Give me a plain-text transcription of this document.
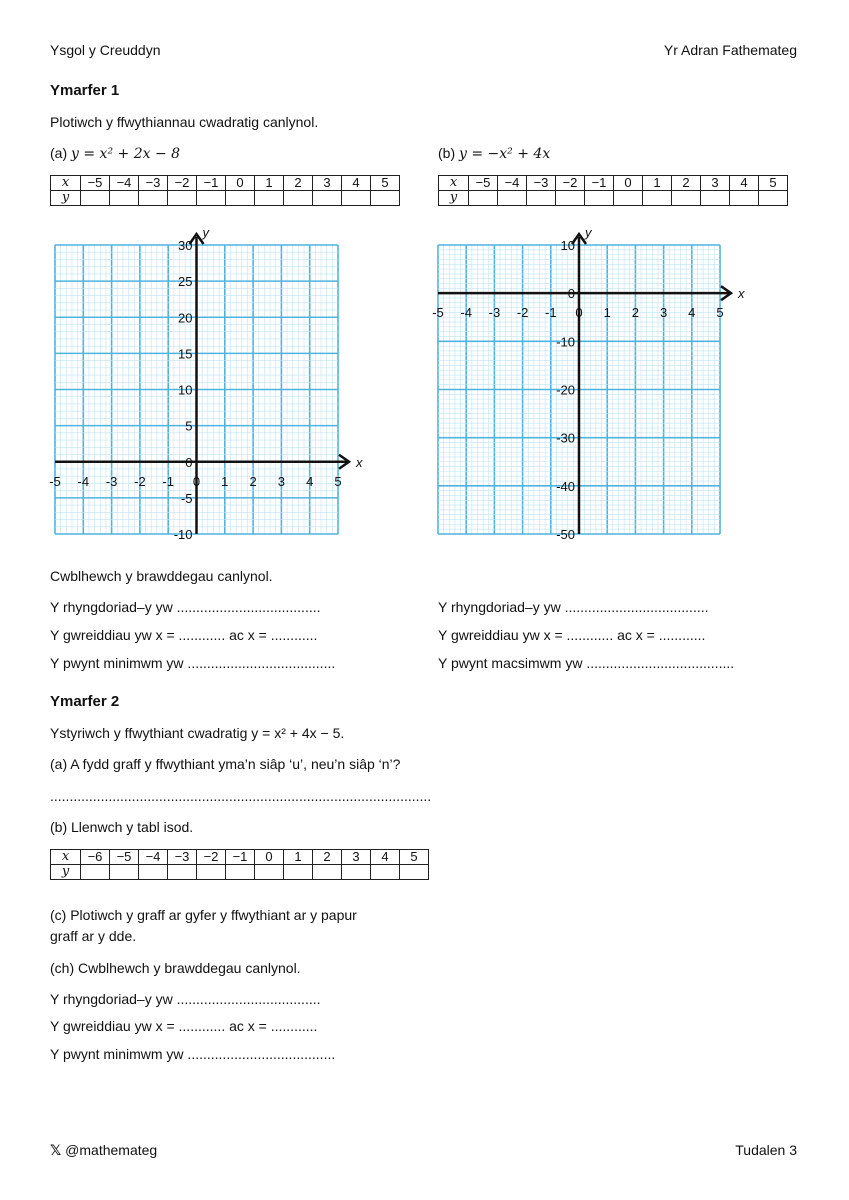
Ysgol y Creuddyn	Yr Adran Fathemateg
Ymarfer 1
Plotiwch y ffwythiannau cwadratig canlynol.
(a) y = x² + 2x − 8	(b) y = −x² + 4x
x	−5	−4	−3	−2	−1	0	1	2	3	4	5
y											
x	−5	−4	−3	−2	−1	0	1	2	3	4	5
y											
x
y
-5 -4 -3 -2 -1 0 1 2 3 4 5
30
25
20
15
10
5
0
-5
-10
x
y
-5 -4 -3 -2 -1 0 1 2 3 4 5
10
0
-10
-20
-30
-40
-50
Cwblhewch y brawddegau canlynol.
Y rhyngdoriad–y yw .....................................
Y gwreiddiau yw x = ............ ac x = ............
Y pwynt minimwm yw ......................................
Y rhyngdoriad–y yw .....................................
Y gwreiddiau yw x = ............ ac x = ............
Y pwynt macsimwm yw ......................................
Ymarfer 2
Ystyriwch y ffwythiant cwadratig y = x² + 4x − 5.
(a) A fydd graff y ffwythiant yma’n siâp ‘u’, neu’n siâp ‘n’?
..................................................................................................
(b) Llenwch y tabl isod.
x	−6	−5	−4	−3	−2	−1	0	1	2	3	4	5
y												
(c) Plotiwch y graff ar gyfer y ffwythiant ar y papur
graff ar y dde.
(ch) Cwblhewch y brawddegau canlynol.
Y rhyngdoriad–y yw .....................................
Y gwreiddiau yw x = ............ ac x = ............
Y pwynt minimwm yw ......................................
𝕏 @mathemateg	Tudalen 3
